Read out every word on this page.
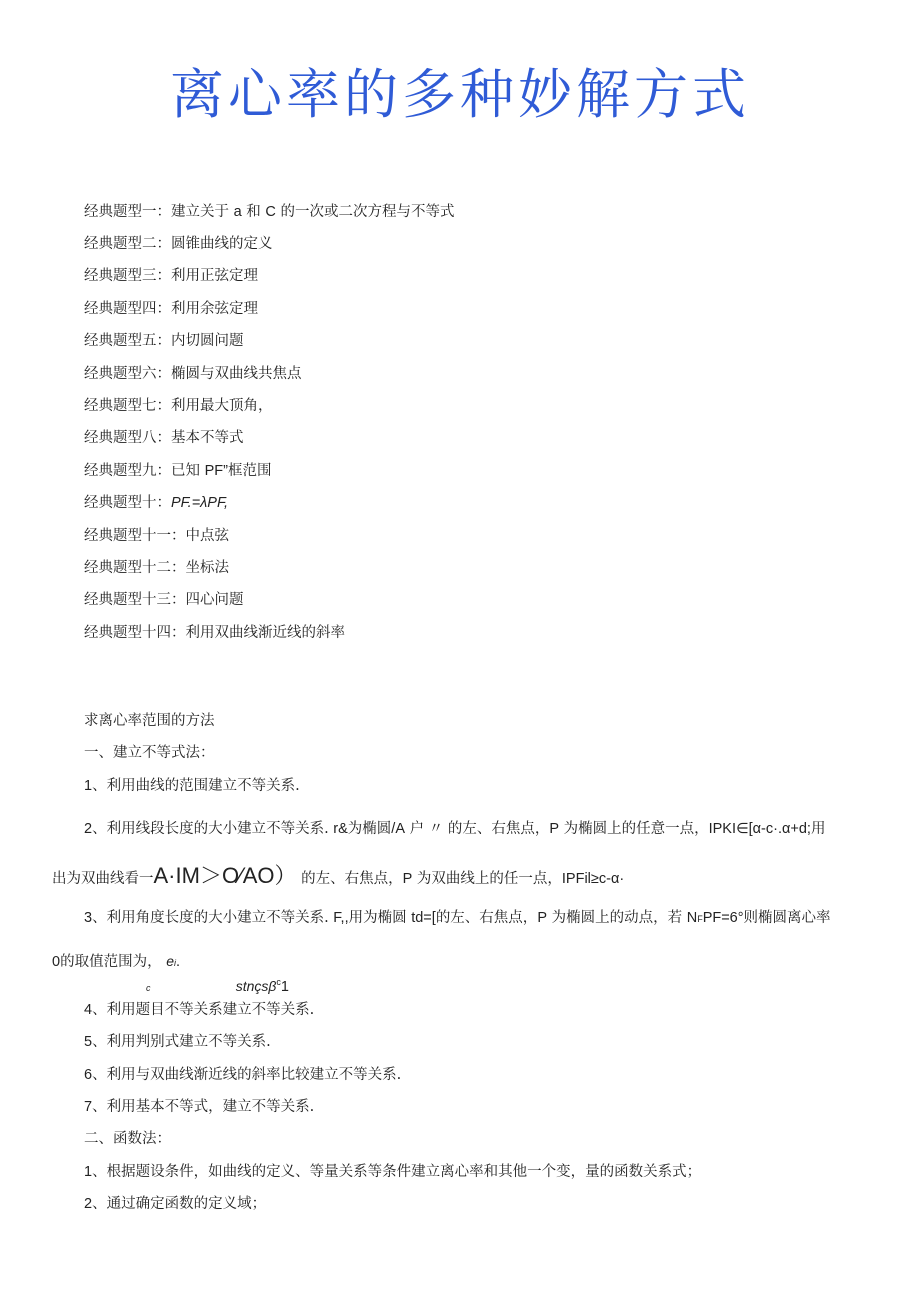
离心率的多种妙解方式
经典题型一：建立关于 a 和 C 的一次或二次方程与不等式
经典题型二：圆锥曲线的定义
经典题型三：利用正弦定理
经典题型四：利用余弦定理
经典题型五：内切圆问题
经典题型六：椭圆与双曲线共焦点
经典题型七：利用最大顶角，
经典题型八：基本不等式
经典题型九：已知 PF”框范围
经典题型十：PF.=λPF,
经典题型十一：中点弦
经典题型十二：坐标法
经典题型十三：四心问题
经典题型十四：利用双曲线渐近线的斜率
求离心率范围的方法
一、建立不等式法：
1、利用曲线的范围建立不等关系.
2、利用线段长度的大小建立不等关系. r&为椭圆/A 户 〃 的左、右焦点，P 为椭圆上的任意一点，IPKI∈[α-c·.α+d;用
出为双曲线看一A·IM＞O⁄AO） 的左、右焦点，P 为双曲线上的任一点，IPFil≥c-α·
3、利用角度长度的大小建立不等关系. F,,用为椭圆 td=[的左、右焦点，P 为椭圆上的动点，若 NFPF=6°则椭圆离心率
0的取值范围为， ei.
c	stnçsβ$^c$1
4、利用题目不等关系建立不等关系.
5、利用判别式建立不等关系.
6、利用与双曲线渐近线的斜率比较建立不等关系.
7、利用基本不等式，建立不等关系.
二、函数法：
1、根据题设条件，如曲线的定义、等量关系等条件建立离心率和其他一个变，量的函数关系式；
2、通过确定函数的定义域；
